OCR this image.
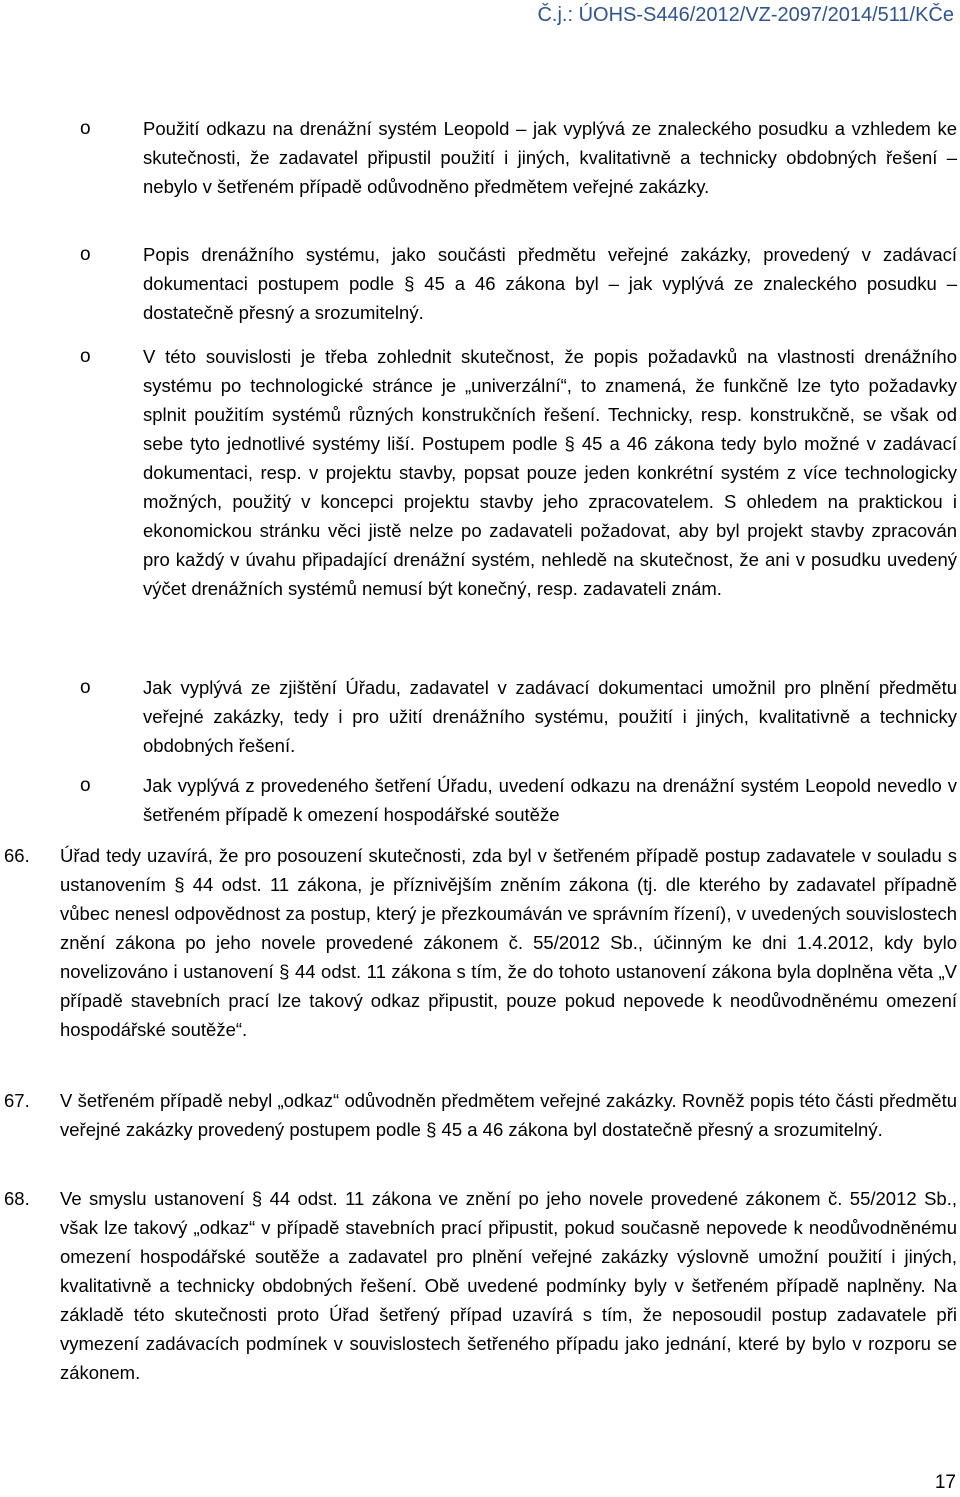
Č.j.: ÚOHS-S446/2012/VZ-2097/2014/511/KČe
o	Použití odkazu na drenážní systém Leopold – jak vyplývá ze znaleckého posudku a vzhledem ke skutečnosti, že zadavatel připustil použití i jiných, kvalitativně a technicky obdobných řešení – nebylo v šetřeném případě odůvodněno předmětem veřejné zakázky.
o	Popis drenážního systému, jako součásti předmětu veřejné zakázky, provedený v zadávací dokumentaci postupem podle § 45 a 46 zákona byl – jak vyplývá ze znaleckého posudku – dostatečně přesný a srozumitelný.
o	V této souvislosti je třeba zohlednit skutečnost, že popis požadavků na vlastnosti drenážního systému po technologické stránce je „univerzální“, to znamená, že funkčně lze tyto požadavky splnit použitím systémů různých konstrukčních řešení. Technicky, resp. konstrukčně, se však od sebe tyto jednotlivé systémy liší. Postupem podle § 45 a 46 zákona tedy bylo možné v zadávací dokumentaci, resp. v projektu stavby, popsat pouze jeden konkrétní systém z více technologicky možných, použitý v koncepci projektu stavby jeho zpracovatelem. S ohledem na praktickou i ekonomickou stránku věci jistě nelze po zadavateli požadovat, aby byl projekt stavby zpracován pro každý v úvahu připadající drenážní systém, nehledě na skutečnost, že ani v posudku uvedený výčet drenážních systémů nemusí být konečný, resp. zadavateli znám.
o	Jak vyplývá ze zjištění Úřadu, zadavatel v zadávací dokumentaci umožnil pro plnění předmětu veřejné zakázky, tedy i pro užití drenážního systému, použití i jiných, kvalitativně a technicky obdobných řešení.
o	Jak vyplývá z provedeného šetření Úřadu, uvedení odkazu na drenážní systém Leopold nevedlo v šetřeném případě k omezení hospodářské soutěže
66. Úřad tedy uzavírá, že pro posouzení skutečnosti, zda byl v šetřeném případě postup zadavatele v souladu s ustanovením § 44 odst. 11 zákona, je příznivějším zněním zákona (tj. dle kterého by zadavatel případně vůbec nenesl odpovědnost za postup, který je přezkoumáván ve správním řízení), v uvedených souvislostech znění zákona po jeho novele provedené zákonem č. 55/2012 Sb., účinným ke dni 1.4.2012, kdy bylo novelizováno i ustanovení § 44 odst. 11 zákona s tím, že do tohoto ustanovení zákona byla doplněna věta „V případě stavebních prací lze takový odkaz připustit, pouze pokud nepovede k neodůvodněnému omezení hospodářské soutěže“.
67. V šetřeném případě nebyl „odkaz“ odůvodněn předmětem veřejné zakázky. Rovněž popis této části předmětu veřejné zakázky provedený postupem podle § 45 a 46 zákona byl dostatečně přesný a srozumitelný.
68. Ve smyslu ustanovení § 44 odst. 11 zákona ve znění po jeho novele provedené zákonem č. 55/2012 Sb., však lze takový „odkaz“ v případě stavebních prací připustit, pokud současně nepovede k neodůvodněnému omezení hospodářské soutěže a zadavatel pro plnění veřejné zakázky výslovně umožní použití i jiných, kvalitativně a technicky obdobných řešení. Obě uvedené podmínky byly v šetřeném případě naplněny. Na základě této skutečnosti proto Úřad šetřený případ uzavírá s tím, že neposoudil postup zadavatele při vymezení zadávacích podmínek v souvislostech šetřeného případu jako jednání, které by bylo v rozporu se zákonem.
17
